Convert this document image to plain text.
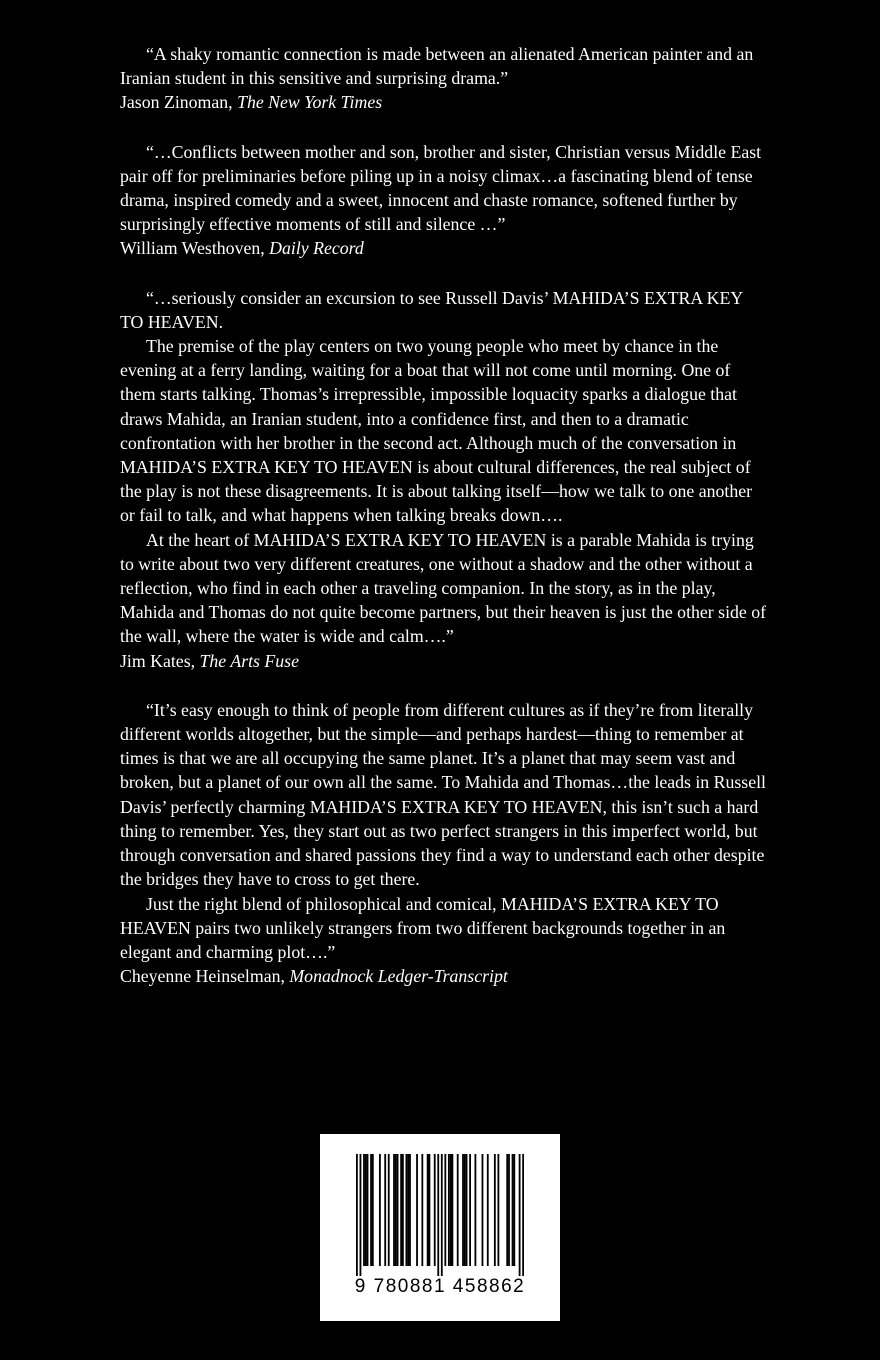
“A shaky romantic connection is made between an alienated American painter and an Iranian student in this sensitive and surprising drama.”

Jason Zinoman, The New York Times

“…Conflicts between mother and son, brother and sister, Christian versus Middle East pair off for preliminaries before piling up in a noisy climax…a fascinating blend of tense drama, inspired comedy and a sweet, innocent and chaste romance, softened further by surprisingly effective moments of still and silence …”

William Westhoven, Daily Record

“…seriously consider an excursion to see Russell Davis’ MAHIDA’S EXTRA KEY TO HEAVEN.

The premise of the play centers on two young people who meet by chance in the evening at a ferry landing, waiting for a boat that will not come until morning. One of them starts talking. Thomas’s irrepressible, impossible loquacity sparks a dialogue that draws Mahida, an Iranian student, into a confidence first, and then to a dramatic confrontation with her brother in the second act. Although much of the conversation in MAHIDA’S EXTRA KEY TO HEAVEN is about cultural differences, the real subject of the play is not these disagreements. It is about talking itself—how we talk to one another or fail to talk, and what happens when talking breaks down….

At the heart of MAHIDA’S EXTRA KEY TO HEAVEN is a parable Mahida is trying to write about two very different creatures, one without a shadow and the other without a reflection, who find in each other a traveling companion. In the story, as in the play, Mahida and Thomas do not quite become partners, but their heaven is just the other side of the wall, where the water is wide and calm….”

Jim Kates, The Arts Fuse

“It’s easy enough to think of people from different cultures as if they’re from literally different worlds altogether, but the simple—and perhaps hardest—thing to remember at times is that we are all occupying the same planet. It’s a planet that may seem vast and broken, but a planet of our own all the same. To Mahida and Thomas…the leads in Russell Davis’ perfectly charming MAHIDA’S EXTRA KEY TO HEAVEN, this isn’t such a hard thing to remember. Yes, they start out as two perfect strangers in this imperfect world, but through conversation and shared passions they find a way to understand each other despite the bridges they have to cross to get there.

Just the right blend of philosophical and comical, MAHIDA’S EXTRA KEY TO HEAVEN pairs two unlikely strangers from two different backgrounds together in an elegant and charming plot….”

Cheyenne Heinselman, Monadnock Ledger-Transcript
9 780881 458862
